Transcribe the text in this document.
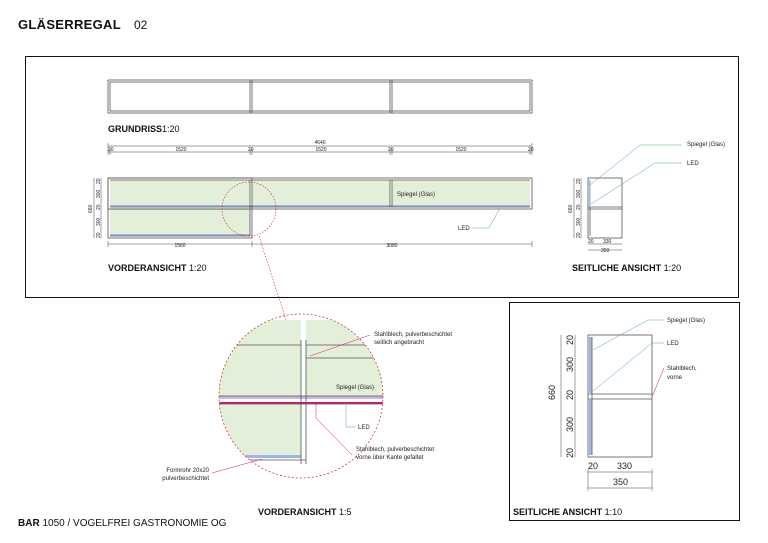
GLÄSERREGAL 02
GRUNDRISS1:20
VORDERANSICHT 1:20	SEITLICHE ANSICHT 1:20
VORDERANSICHT 1:5	SEITLICHE ANSICHT 1:10
BAR 1050 / VOGELFREI GASTRONOMIE OG
4640
20	1520	20	1520	20	1520	20
660
20
300
20
300
20
1560	3080
Spiegel (Glas)
LED
660
20
300
20
300
20
20 330
350
Spiegel (Glas)
LED
Stahlblech, pulverbeschichtet
seitlich angebracht
Spiegel (Glas)
LED
Stahlblech, pulverbeschichtet
vorne über Kante gefaltet
Formrohr 20x20
pulverbeschichtet
660
20
300
20
300
20
20 330
350
Spiegel (Glas)
LED
Stahlblech,
vorne
